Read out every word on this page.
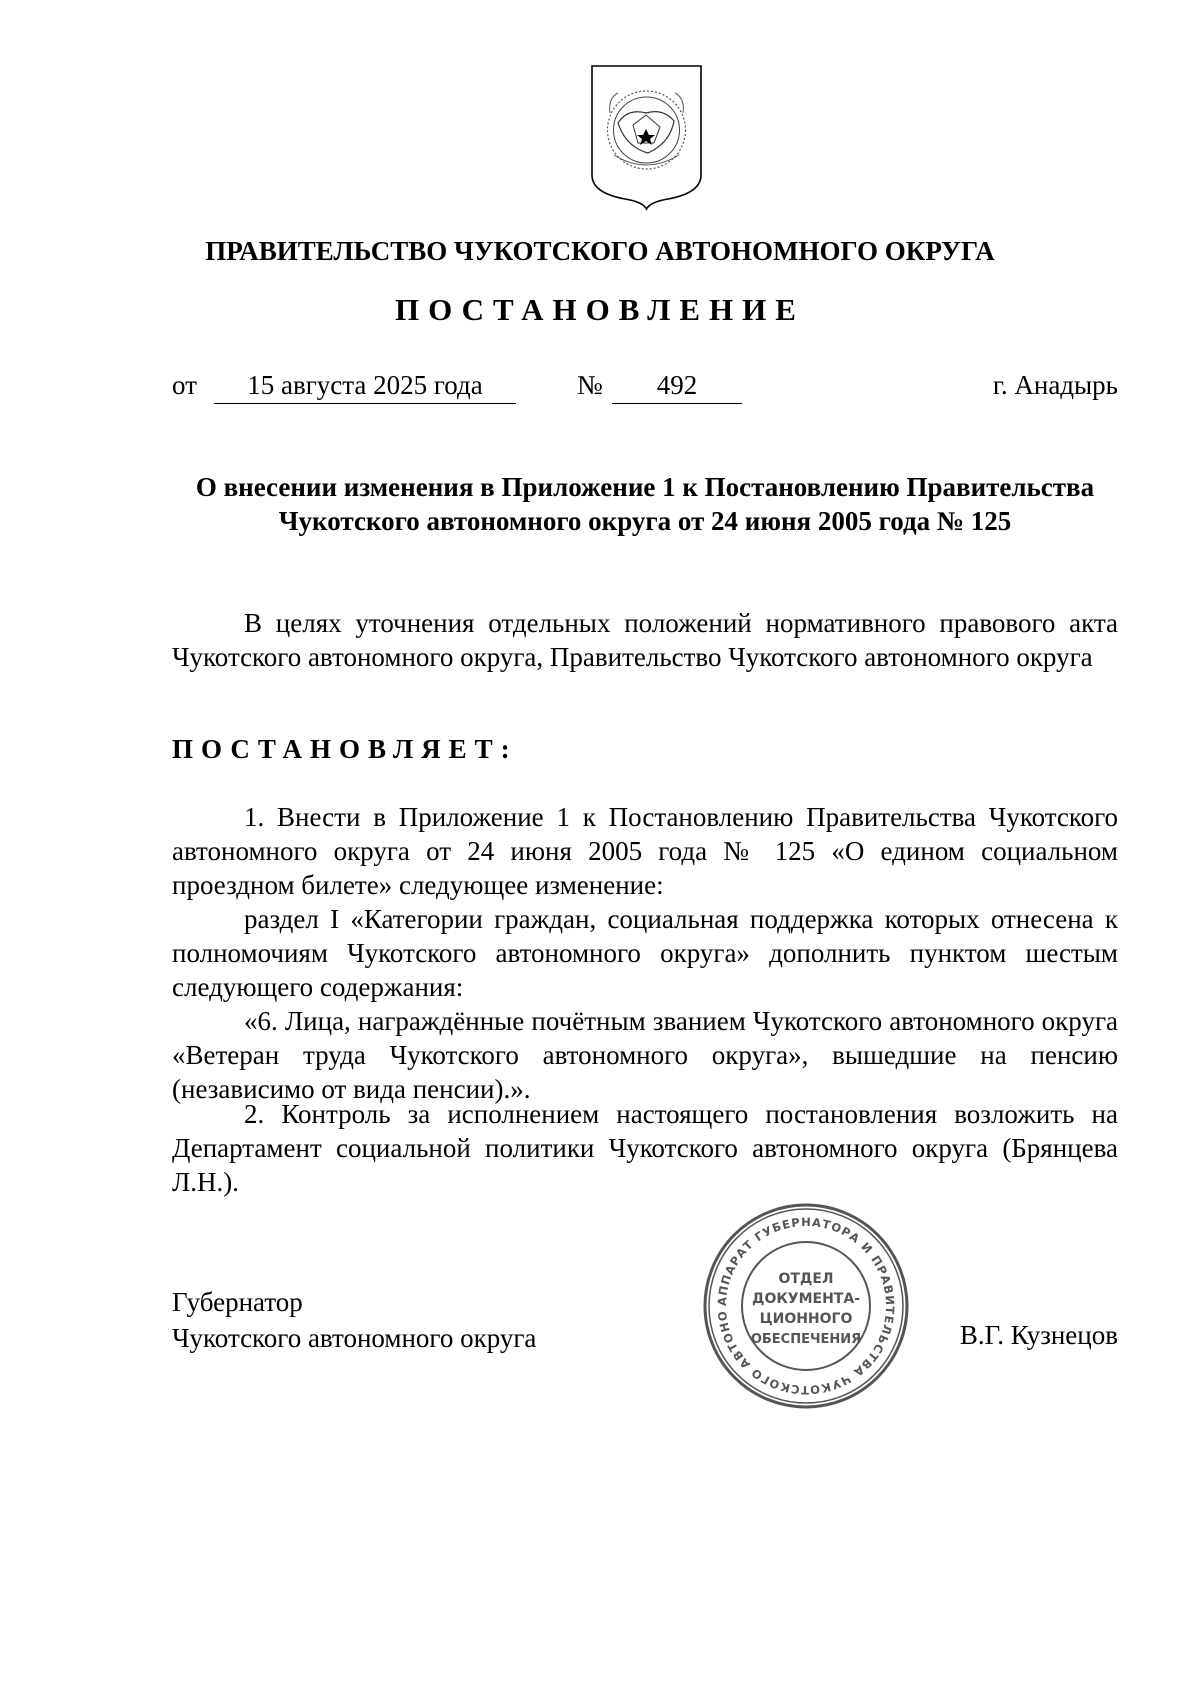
ПРАВИТЕЛЬСТВО ЧУКОТСКОГО АВТОНОМНОГО ОКРУГА
ПОСТАНОВЛЕНИЕ
от	15 августа 2025 года	№	492	г. Анадырь
О внесении изменения в Приложение 1 к Постановлению Правительства Чукотского автономного округа от 24 июня 2005 года № 125

В целях уточнения отдельных положений нормативного правового акта Чукотского автономного округа, Правительство Чукотского автономного округа

ПОСТАНОВЛЯЕТ:

1. Внести в Приложение 1 к Постановлению Правительства Чукотского автономного округа от 24 июня 2005 года № 125 «О едином социальном проездном билете» следующее изменение:

раздел I «Категории граждан, социальная поддержка которых отнесена к полномочиям Чукотского автономного округа» дополнить пунктом шестым следующего содержания:

«6. Лица, награждённые почётным званием Чукотского автономного округа «Ветеран труда Чукотского автономного округа», вышедшие на пенсию (независимо от вида пенсии).».

2. Контроль за исполнением настоящего постановления возложить на Департамент социальной политики Чукотского автономного округа (Брянцева Л.Н.).

Губернатор
Чукотского автономного округа	В.Г. Кузнецов
АППАРАТ ГУБЕРНАТОРА И ПРАВИТЕЛЬСТВА ЧУКОТСКОГО АВТОНО
ОТДЕЛ
ДОКУМЕНТА-
ЦИОННОГО
ОБЕСПЕЧЕНИЯ
